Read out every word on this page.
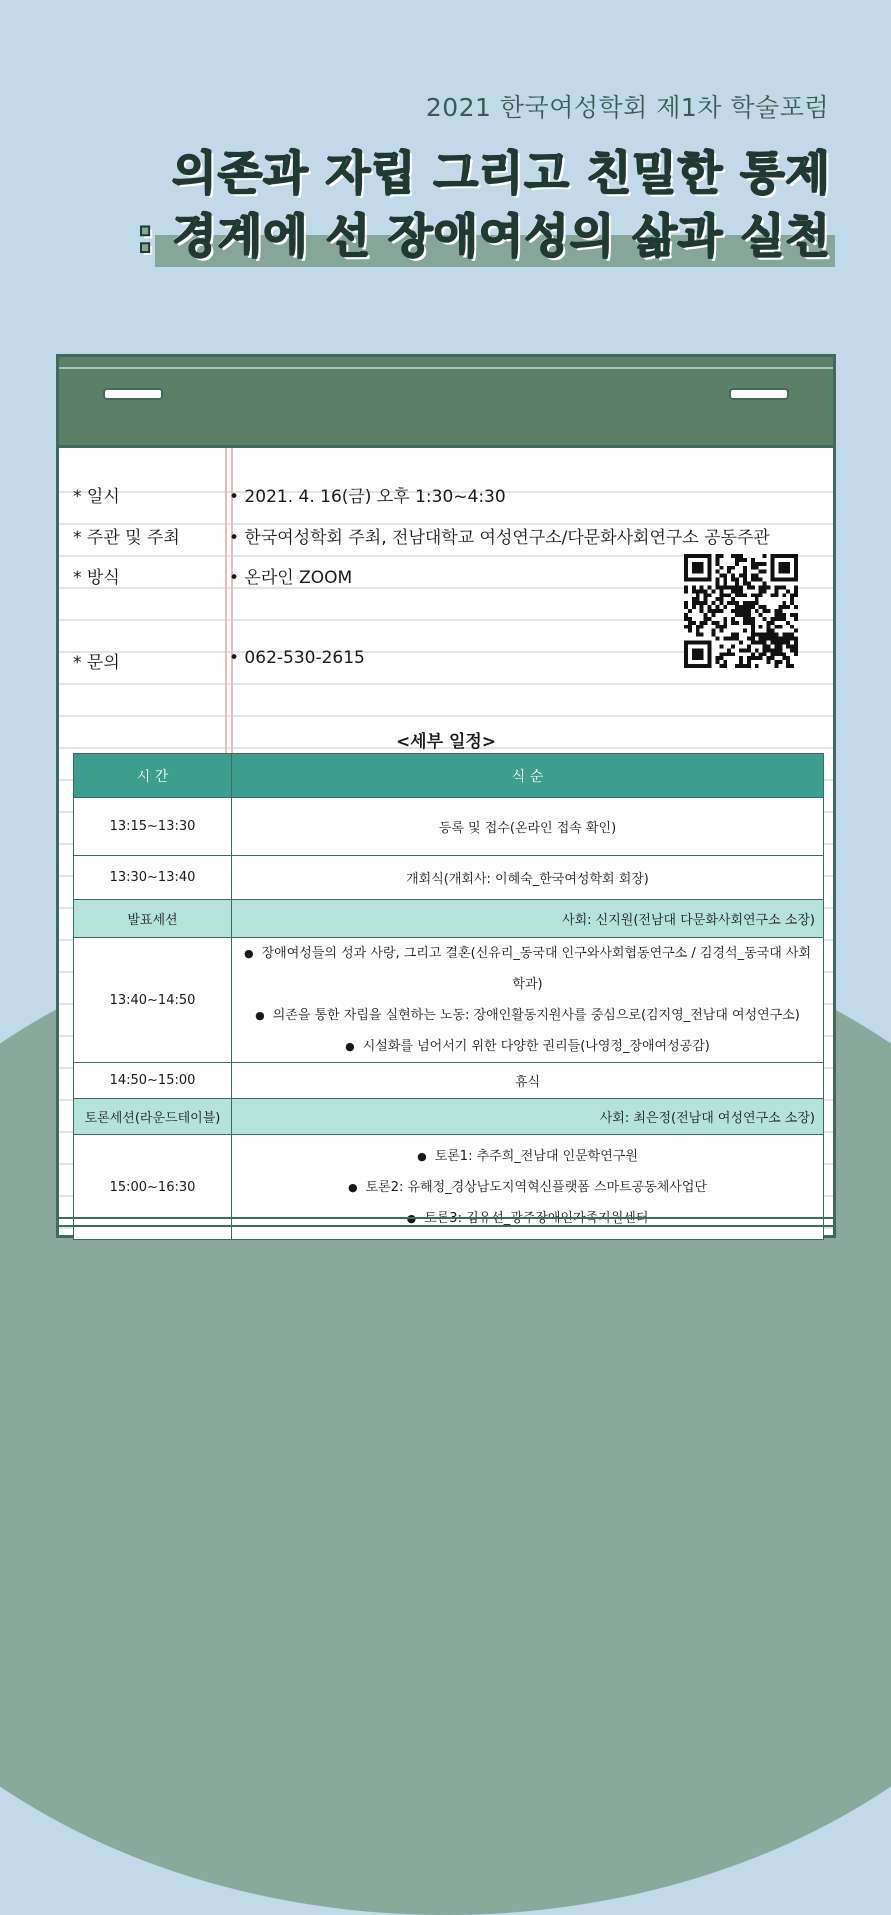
2021 한국여성학회 제1차 학술포럼
의존과 자립 그리고 친밀한 통제
: 경계에 선 장애여성의 삶과 실천
* 일시	• 2021. 4. 16(금) 오후 1:30~4:30
* 주관 및 주최	• 한국여성학회 주최, 전남대학교 여성연구소/다문화사회연구소 공동주관
* 방식	• 온라인 ZOOM
* 문의	• 062-530-2615
<세부 일정>
시 간	식 순
13:15~13:30	등록 및 접수(온라인 접속 확인)
13:30~13:40	개회식(개회사: 이혜숙_한국여성학회 회장)
발표세션	사회: 신지원(전남대 다문화사회연구소 소장)
13:40~14:50	● 장애여성들의 성과 사랑, 그리고 결혼(신유리_동국대 인구와사회협동연구소 / 김경석_동국대 사회학과)
● 의존을 통한 자립을 실현하는 노동: 장애인활동지원사를 중심으로(김지영_전남대 여성연구소)
● 시설화를 넘어서기 위한 다양한 권리들(나영정_장애여성공감)

14:50~15:00	휴식
토론세션(라운드테이블)	사회: 최은정(전남대 여성연구소 소장)
15:00~16:30	● 토론1: 추주희_전남대 인문학연구원
● 토론2: 유해정_경상남도지역혁신플랫폼 스마트공동체사업단
